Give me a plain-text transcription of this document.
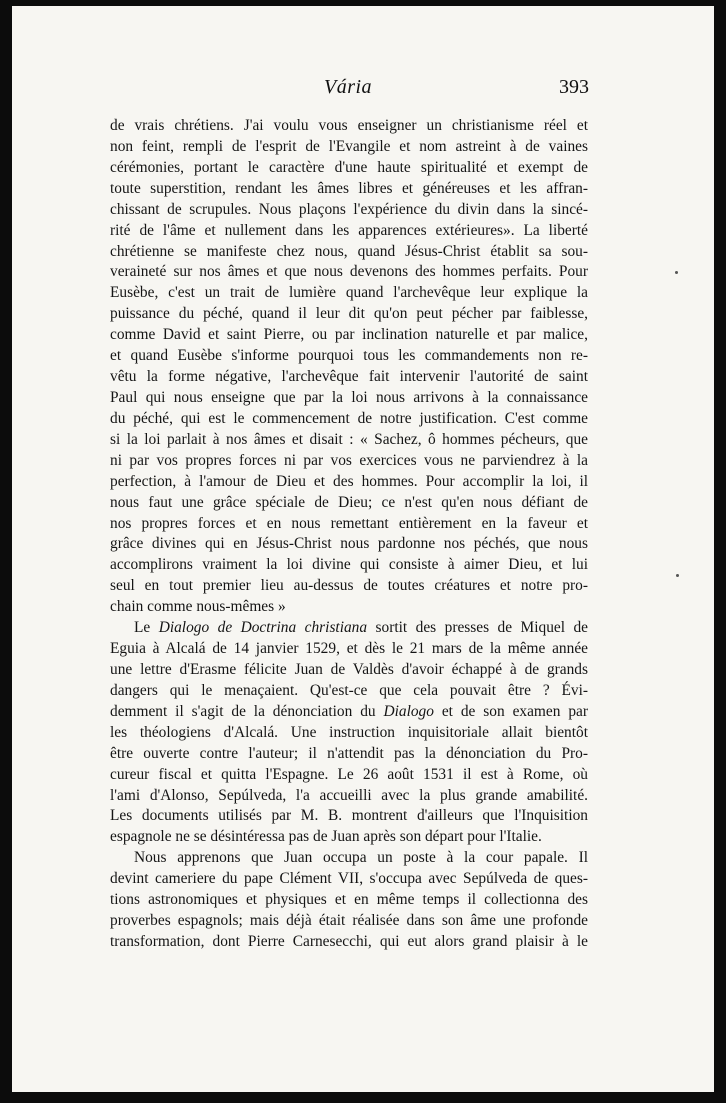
Vária	393
de vrais chrétiens. J'ai voulu vous enseigner un christianisme réel et
non feint, rempli de l'esprit de l'Evangile et nom astreint à de vaines
cérémonies, portant le caractère d'une haute spiritualité et exempt de
toute superstition, rendant les âmes libres et généreuses et les affran-
chissant de scrupules. Nous plaçons l'expérience du divin dans la sincé-
rité de l'âme et nullement dans les apparences extérieures». La liberté
chrétienne se manifeste chez nous, quand Jésus-Christ établit sa sou-
veraineté sur nos âmes et que nous devenons des hommes perfaits. Pour
Eusèbe, c'est un trait de lumière quand l'archevêque leur explique la
puissance du péché, quand il leur dit qu'on peut pécher par faiblesse,
comme David et saint Pierre, ou par inclination naturelle et par malice,
et quand Eusèbe s'informe pourquoi tous les commandements non re-
vêtu la forme négative, l'archevêque fait intervenir l'autorité de saint
Paul qui nous enseigne que par la loi nous arrivons à la connaissance
du péché, qui est le commencement de notre justification. C'est comme
si la loi parlait à nos âmes et disait : « Sachez, ô hommes pécheurs, que
ni par vos propres forces ni par vos exercices vous ne parviendrez à la
perfection, à l'amour de Dieu et des hommes. Pour accomplir la loi, il
nous faut une grâce spéciale de Dieu; ce n'est qu'en nous défiant de
nos propres forces et en nous remettant entièrement en la faveur et
grâce divines qui en Jésus-Christ nous pardonne nos péchés, que nous
accomplirons vraiment la loi divine qui consiste à aimer Dieu, et lui
seul en tout premier lieu au-dessus de toutes créatures et notre pro-
chain comme nous-mêmes »
Le Dialogo de Doctrina christiana sortit des presses de Miquel de
Eguia à Alcalá de 14 janvier 1529, et dès le 21 mars de la même année
une lettre d'Erasme félicite Juan de Valdès d'avoir échappé à de grands
dangers qui le menaçaient. Qu'est-ce que cela pouvait être ? Évi-
demment il s'agit de la dénonciation du Dialogo et de son examen par
les théologiens d'Alcalá. Une instruction inquisitoriale allait bientôt
être ouverte contre l'auteur; il n'attendit pas la dénonciation du Pro-
cureur fiscal et quitta l'Espagne. Le 26 août 1531 il est à Rome, où
l'ami d'Alonso, Sepúlveda, l'a accueilli avec la plus grande amabilité.
Les documents utilisés par M. B. montrent d'ailleurs que l'Inquisition
espagnole ne se désintéressa pas de Juan après son départ pour l'Italie.
Nous apprenons que Juan occupa un poste à la cour papale. Il
devint cameriere du pape Clément VII, s'occupa avec Sepúlveda de ques-
tions astronomiques et physiques et en même temps il collectionna des
proverbes espagnols; mais déjà était réalisée dans son âme une profonde
transformation, dont Pierre Carnesecchi, qui eut alors grand plaisir à le
